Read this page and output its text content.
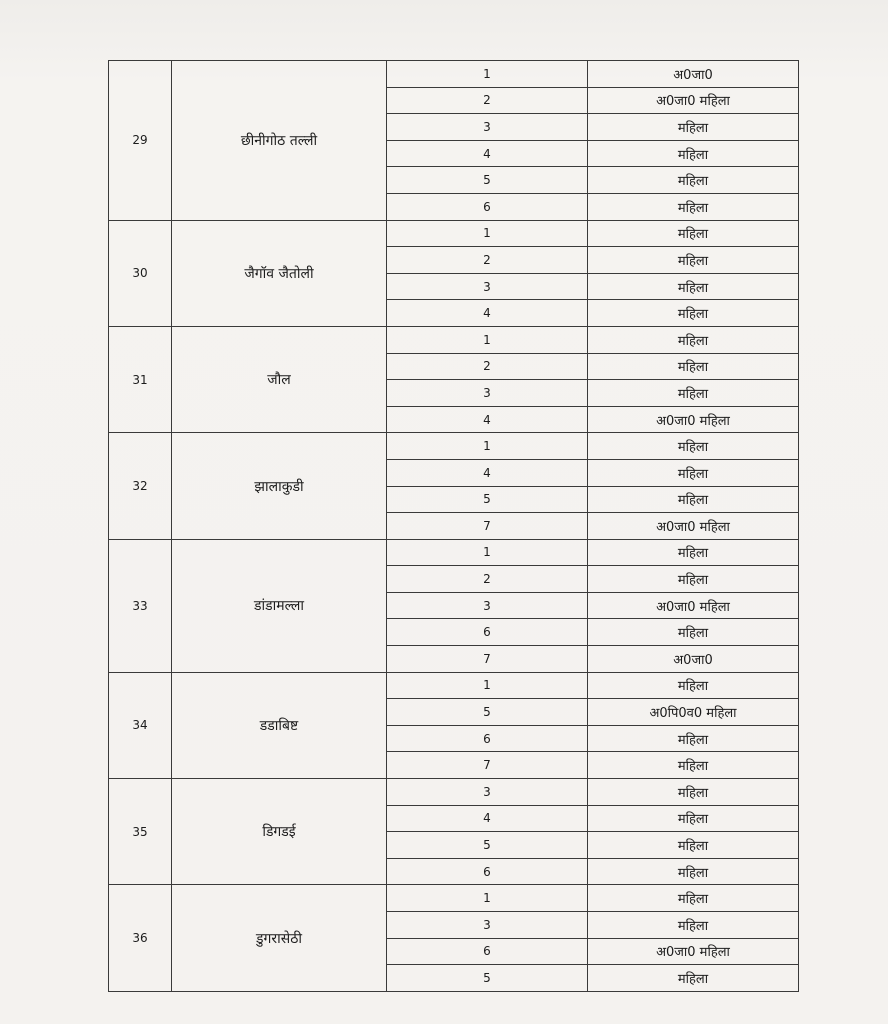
29	छीनीगोठ तल्ली	1	अ0जा0
		2	अ0जा0 महिला
		3	महिला
		4	महिला
		5	महिला
		6	महिला
30	जैगॉव जैतोली	1	महिला
		2	महिला
		3	महिला
		4	महिला
31	जौल	1	महिला
		2	महिला
		3	महिला
		4	अ0जा0 महिला
32	झालाकुडी	1	महिला
		4	महिला
		5	महिला
		7	अ0जा0 महिला
33	डांडामल्ला	1	महिला
		2	महिला
		3	अ0जा0 महिला
		6	महिला
		7	अ0जा0
34	डडाबिष्ट	1	महिला
		5	अ0पि0व0 महिला
		6	महिला
		7	महिला
35	डिगडई	3	महिला
		4	महिला
		5	महिला
		6	महिला
36	डुगरासेठी	1	महिला
		3	महिला
		6	अ0जा0 महिला
		5	महिला
